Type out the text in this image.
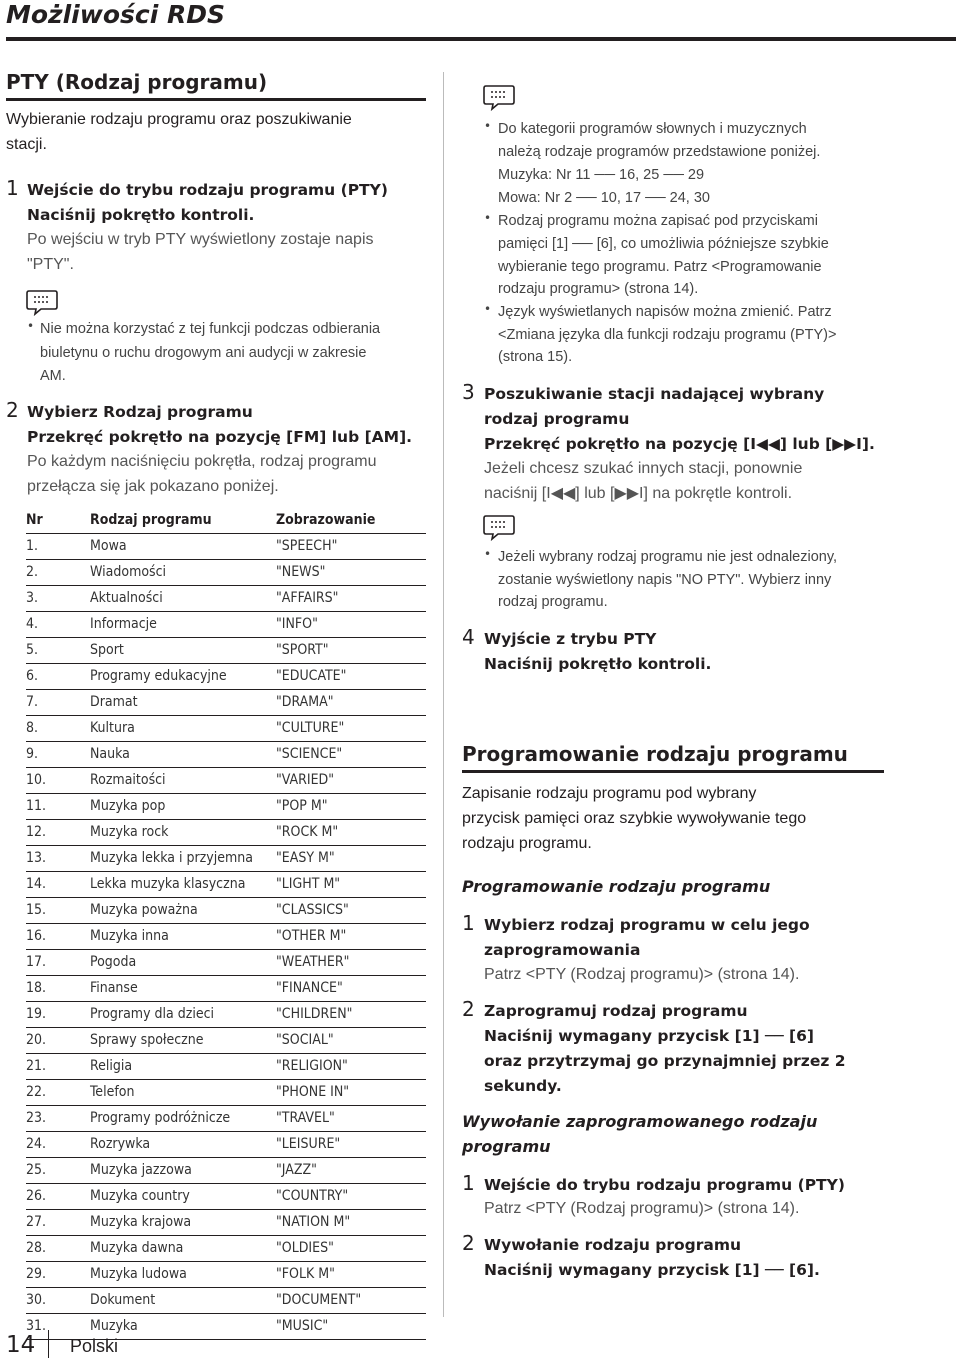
Możliwości RDS
PTY (Rodzaj programu)
Wybieranie rodzaju programu oraz poszukiwanie
stacji.
1 Wejście do trybu rodzaju programu (PTY)
Naciśnij pokrętło kontroli.
Po wejściu w tryb PTY wyświetlony zostaje napis
"PTY".
• Nie można korzystać z tej funkcji podczas odbierania
biuletynu o ruchu drogowym ani audycji w zakresie
AM.
2 Wybierz Rodzaj programu
Przekręć pokrętło na pozycję [FM] lub [AM].
Po każdym naciśnięciu pokrętła, rodzaj programu
przełącza się jak pokazano poniżej.
Nr	Rodzaj programu	Zobrazowanie
1.	Mowa	"SPEECH"
2.	Wiadomości	"NEWS"
3.	Aktualności	"AFFAIRS"
4.	Informacje	"INFO"
5.	Sport	"SPORT"
6.	Programy edukacyjne	"EDUCATE"
7.	Dramat	"DRAMA"
8.	Kultura	"CULTURE"
9.	Nauka	"SCIENCE"
10.	Rozmaitości	"VARIED"
11.	Muzyka pop	"POP M"
12.	Muzyka rock	"ROCK M"
13.	Muzyka lekka i przyjemna "EASY M"
14.	Lekka muzyka klasyczna "LIGHT M"
15.	Muzyka poważna	"CLASSICS"
16.	Muzyka inna	"OTHER M"
17.	Pogoda	"WEATHER"
18.	Finanse	"FINANCE"
19.	Programy dla dzieci	"CHILDREN"
20.	Sprawy społeczne	"SOCIAL"
21.	Religia	"RELIGION"
22.	Telefon	"PHONE IN"
23.	Programy podróżnicze	"TRAVEL"
24.	Rozrywka	"LEISURE"
25.	Muzyka jazzowa	"JAZZ"
26.	Muzyka country	"COUNTRY"
27.	Muzyka krajowa	"NATION M"
28.	Muzyka dawna	"OLDIES"
29.	Muzyka ludowa	"FOLK M"
30.	Dokument	"DOCUMENT"
31.	Muzyka	"MUSIC"
• Do kategorii programów słownych i muzycznych
należą rodzaje programów przedstawione poniżej.
Muzyka: Nr 11 ── 16, 25 ── 29
Mowa: Nr 2 ── 10, 17 ── 24, 30
• Rodzaj programu można zapisać pod przyciskami
pamięci [1] ── [6], co umożliwia późniejsze szybkie
wybieranie tego programu. Patrz <Programowanie
rodzaju programu> (strona 14).
• Język wyświetlanych napisów można zmienić. Patrz
<Zmiana języka dla funkcji rodzaju programu (PTY)>
(strona 15).
3 Poszukiwanie stacji nadającej wybrany
rodzaj programu
Przekręć pokrętło na pozycję [I◀◀] lub [▶▶I].
Jeżeli chcesz szukać innych stacji, ponownie
naciśnij [I◀◀] lub [▶▶I] na pokrętle kontroli.
• Jeżeli wybrany rodzaj programu nie jest odnaleziony,
zostanie wyświetlony napis "NO PTY". Wybierz inny
rodzaj programu.
4 Wyjście z trybu PTY
Naciśnij pokrętło kontroli.
Programowanie rodzaju programu
Zapisanie rodzaju programu pod wybrany
przycisk pamięci oraz szybkie wywoływanie tego
rodzaju programu.
Programowanie rodzaju programu
1 Wybierz rodzaj programu w celu jego
zaprogramowania
Patrz <PTY (Rodzaj programu)> (strona 14).
2 Zaprogramuj rodzaj programu
Naciśnij wymagany przycisk [1] ── [6]
oraz przytrzymaj go przynajmniej przez 2
sekundy.
Wywołanie zaprogramowanego rodzaju
programu
1 Wejście do trybu rodzaju programu (PTY)
Patrz <PTY (Rodzaj programu)> (strona 14).
2 Wywołanie rodzaju programu
Naciśnij wymagany przycisk [1] ── [6].
14 Polski
